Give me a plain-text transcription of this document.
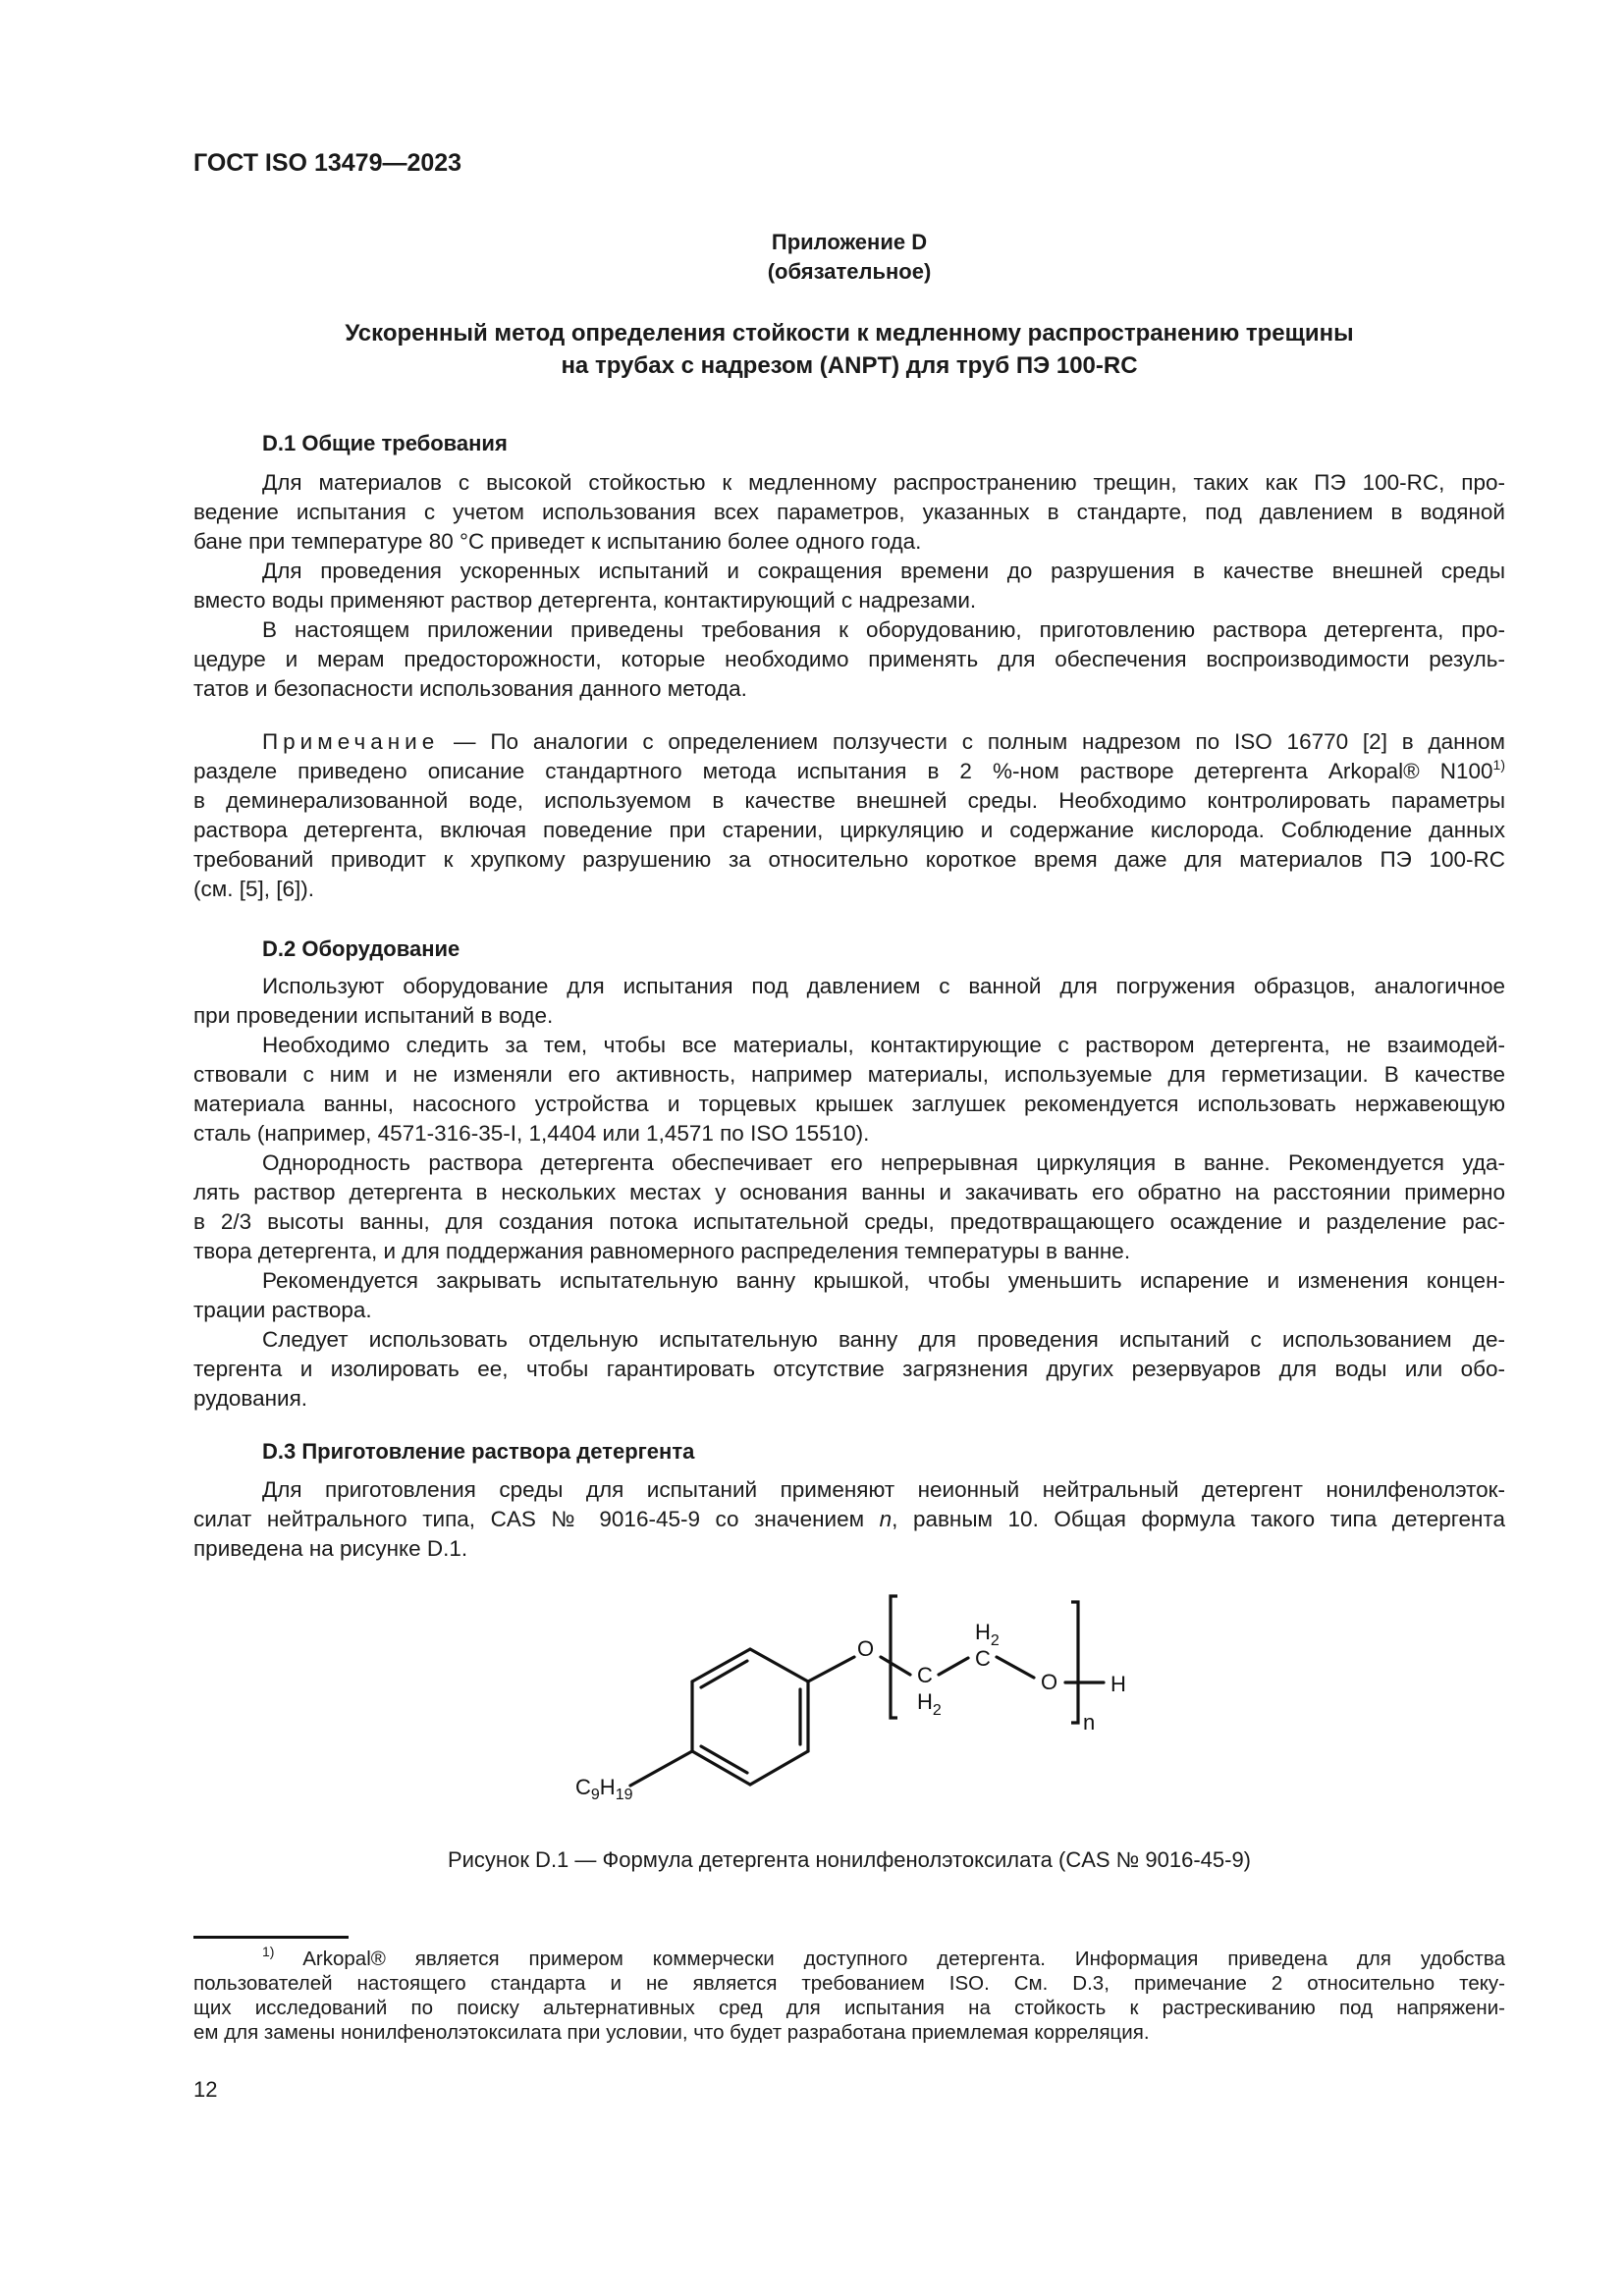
ГОСТ ISO 13479—2023
Приложение D
(обязательное)
Ускоренный метод определения стойкости к медленному распространению трещины
на трубах с надрезом (ANPT) для труб ПЭ 100-RC
D.1 Общие требования
Для материалов с высокой стойкостью к медленному распространению трещин, таких как ПЭ 100-RC, про-
ведение испытания с учетом использования всех параметров, указанных в стандарте, под давлением в водяной
бане при температуре 80 °C приведет к испытанию более одного года.
Для проведения ускоренных испытаний и сокращения времени до разрушения в качестве внешней среды
вместо воды применяют раствор детергента, контактирующий с надрезами.
В настоящем приложении приведены требования к оборудованию, приготовлению раствора детергента, про-
цедуре и мерам предосторожности, которые необходимо применять для обеспечения воспроизводимости резуль-
татов и безопасности использования данного метода.
Примечание — По аналогии с определением ползучести с полным надрезом по ISO 16770 [2] в данном
разделе приведено описание стандартного метода испытания в 2 %-ном растворе детергента Arkopal® N100$^{1)}$
в деминерализованной воде, используемом в качестве внешней среды. Необходимо контролировать параметры
раствора детергента, включая поведение при старении, циркуляцию и содержание кислорода. Соблюдение данных
требований приводит к хрупкому разрушению за относительно короткое время даже для материалов ПЭ 100-RC
(см. [5], [6]).
D.2 Оборудование
Используют оборудование для испытания под давлением с ванной для погружения образцов, аналогичное
при проведении испытаний в воде.
Необходимо следить за тем, чтобы все материалы, контактирующие с раствором детергента, не взаимодей-
ствовали с ним и не изменяли его активность, например материалы, используемые для герметизации. В качестве
материала ванны, насосного устройства и торцевых крышек заглушек рекомендуется использовать нержавеющую
сталь (например, 4571-316-35-I, 1,4404 или 1,4571 по ISO 15510).
Однородность раствора детергента обеспечивает его непрерывная циркуляция в ванне. Рекомендуется уда-
лять раствор детергента в нескольких местах у основания ванны и закачивать его обратно на расстоянии примерно
в 2/3 высоты ванны, для создания потока испытательной среды, предотвращающего осаждение и разделение рас-
твора детергента, и для поддержания равномерного распределения температуры в ванне.
Рекомендуется закрывать испытательную ванну крышкой, чтобы уменьшить испарение и изменения концен-
трации раствора.
Следует использовать отдельную испытательную ванну для проведения испытаний с использованием де-
тергента и изолировать ее, чтобы гарантировать отсутствие загрязнения других резервуаров для воды или обо-
рудования.
D.3 Приготовление раствора детергента
Для приготовления среды для испытаний применяют неионный нейтральный детергент нонилфенолэток-
силат нейтрального типа, CAS № 9016-45-9 со значением n, равным 10. Общая формула такого типа детергента
приведена на рисунке D.1.
O
C
$H_2$
C
$H_2$
O H
n
$C_9H_{19}$
Рисунок D.1 — Формула детергента нонилфенолэтоксилата (CAS № 9016-45-9)
$^{1)}$ Arkopal® является примером коммерчески доступного детергента. Информация приведена для удобства
пользователей настоящего стандарта и не является требованием ISO. См. D.3, примечание 2 относительно теку-
щих исследований по поиску альтернативных сред для испытания на стойкость к растрескиванию под напряжени-
ем для замены нонилфенолэтоксилата при условии, что будет разработана приемлемая корреляция.
12
